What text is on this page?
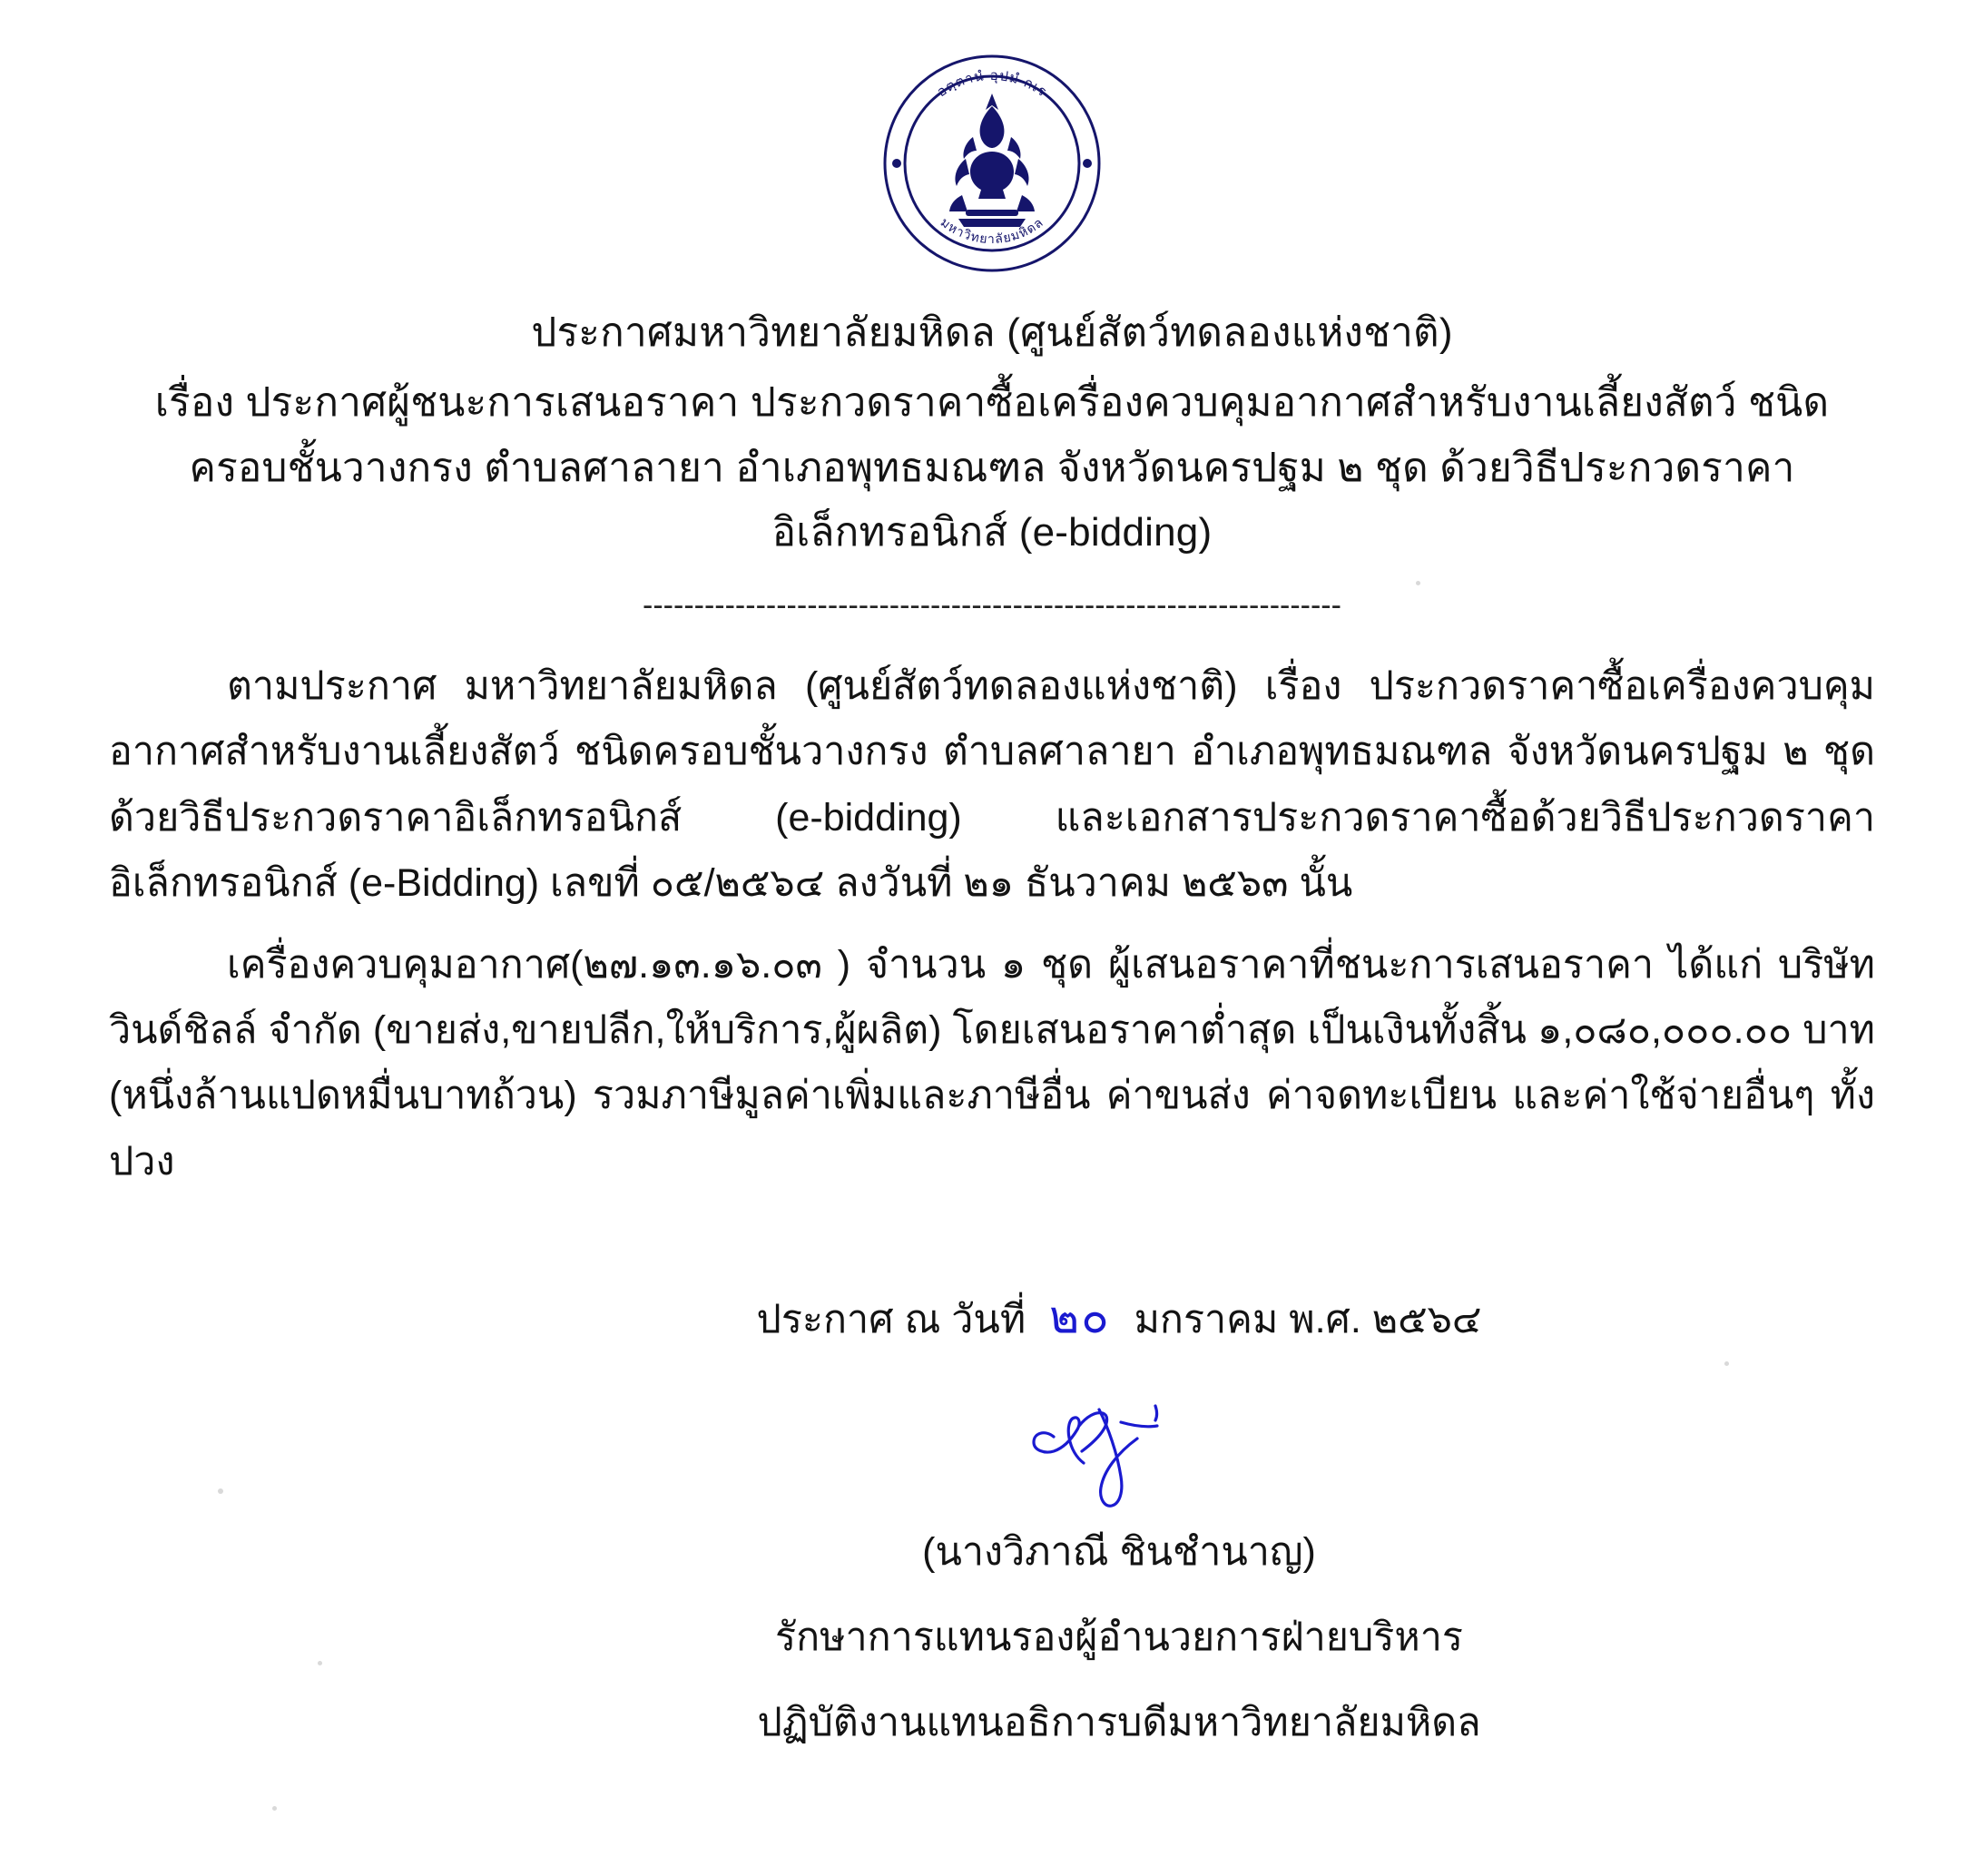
อตฺตานํ อุปมํ กเร
มหาวิทยาลัยมหิดล
ประกาศมหาวิทยาลัยมหิดล (ศูนย์สัตว์ทดลองแห่งชาติ)
เรื่อง ประกาศผู้ชนะการเสนอราคา ประกวดราคาซื้อเครื่องควบคุมอากาศสำหรับงานเลี้ยงสัตว์ ชนิดครอบชั้นวางกรง ตำบลศาลายา อำเภอพุทธมณฑล จังหวัดนครปฐม ๒ ชุด ด้วยวิธีประกวดราคาอิเล็กทรอนิกส์ (e-bidding)
--------------------------------------------------------------------

ตามประกาศ มหาวิทยาลัยมหิดล (ศูนย์สัตว์ทดลองแห่งชาติ) เรื่อง ประกวดราคาซื้อเครื่องควบคุมอากาศสำหรับงานเลี้ยงสัตว์ ชนิดครอบชั้นวางกรง ตำบลศาลายา อำเภอพุทธมณฑล จังหวัดนครปฐม ๒ ชุด ด้วยวิธีประกวดราคาอิเล็กทรอนิกส์ (e-bidding) และเอกสารประกวดราคาซื้อด้วยวิธีประกวดราคาอิเล็กทรอนิกส์ (e-Bidding) เลขที่ ๐๕/๒๕๖๔ ลงวันที่ ๒๑ ธันวาคม ๒๕๖๓ นั้น

เครื่องควบคุมอากาศ(๒๗.๑๓.๑๖.๐๓ ) จำนวน ๑ ชุด ผู้เสนอราคาที่ชนะการเสนอราคา ได้แก่ บริษัท วินด์ชิลล์ จำกัด (ขายส่ง,ขายปลีก,ให้บริการ,ผู้ผลิต) โดยเสนอราคาต่ำสุด เป็นเงินทั้งสิ้น ๑,๐๘๐,๐๐๐.๐๐ บาท (หนึ่งล้านแปดหมื่นบาทถ้วน) รวมภาษีมูลค่าเพิ่มและภาษีอื่น ค่าขนส่ง ค่าจดทะเบียน และค่าใช้จ่ายอื่นๆ ทั้งปวง

ประกาศ ณ วันที่ ๒๐ มกราคม พ.ศ. ๒๕๖๔
(นางวิภาณี ชินชำนาญ)
รักษาการแทนรองผู้อำนวยการฝ่ายบริหาร
ปฏิบัติงานแทนอธิการบดีมหาวิทยาลัยมหิดล
